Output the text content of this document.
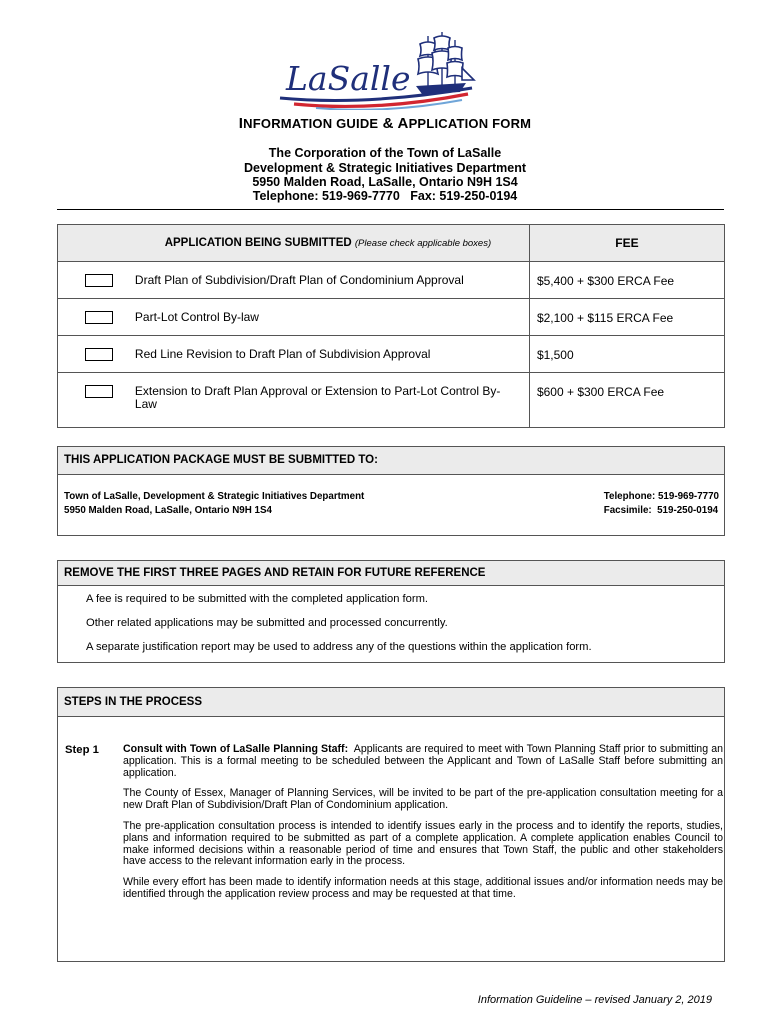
LaSalle
INFORMATION GUIDE & APPLICATION FORM
The Corporation of the Town of LaSalle
Development & Strategic Initiatives Department
5950 Malden Road, LaSalle, Ontario N9H 1S4
Telephone: 519-969-7770   Fax: 519-250-0194
	APPLICATION BEING SUBMITTED (Please check applicable boxes)	FEE

	Draft Plan of Subdivision/Draft Plan of Condominium Approval	$5,400 + $300 ERCA Fee

	Part-Lot Control By-law	$2,100 + $115 ERCA Fee

	Red Line Revision to Draft Plan of Subdivision Approval	$1,500

	Extension to Draft Plan Approval or Extension to Part-Lot Control By-Law	$600 + $300 ERCA Fee
THIS APPLICATION PACKAGE MUST BE SUBMITTED TO:
Town of LaSalle, Development & Strategic Initiatives Department
5950 Malden Road, LaSalle, Ontario N9H 1S4
Telephone: 519-969-7770
Facsimile:  519-250-0194
REMOVE THE FIRST THREE PAGES AND RETAIN FOR FUTURE REFERENCE

A fee is required to be submitted with the completed application form.

Other related applications may be submitted and processed concurrently.

A separate justification report may be used to address any of the questions within the application form.

STEPS IN THE PROCESS
Step 1 Consult with Town of LaSalle Planning Staff: Applicants are required to meet with Town Planning Staff prior to submitting an application. This is a formal meeting to be scheduled between the Applicant and Town of LaSalle Staff before submitting an application.

The County of Essex, Manager of Planning Services, will be invited to be part of the pre-application consultation meeting for a new Draft Plan of Subdivision/Draft Plan of Condominium application.

The pre-application consultation process is intended to identify issues early in the process and to identify the reports, studies, plans and information required to be submitted as part of a complete application. A complete application enables Council to make informed decisions within a reasonable period of time and ensures that Town Staff, the public and other stakeholders have access to the relevant information early in the process.

While every effort has been made to identify information needs at this stage, additional issues and/or information needs may be identified through the application review process and may be requested at that time.

Information Guideline – revised January 2, 2019
